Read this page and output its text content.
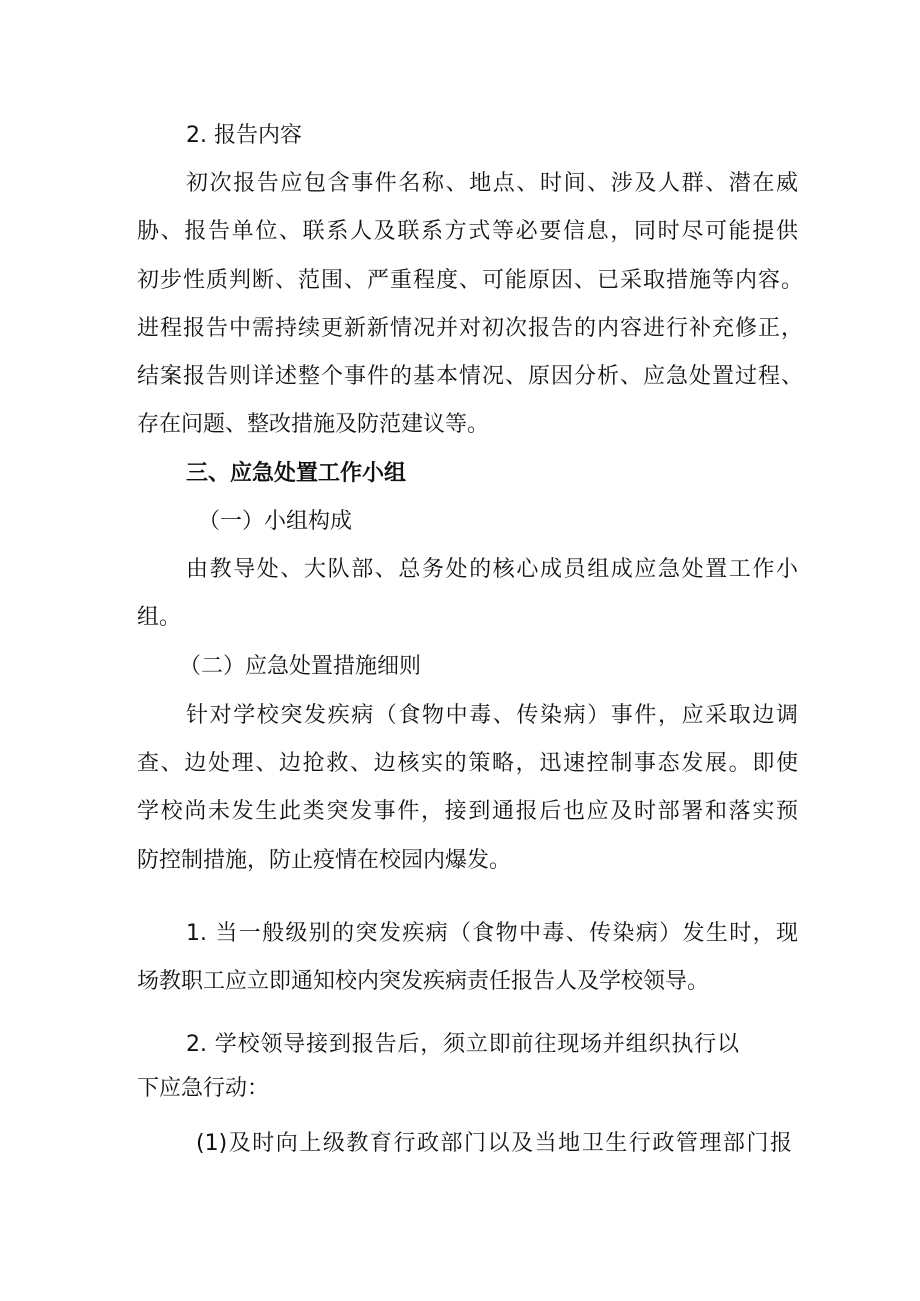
2. 报告内容

初次报告应包含事件名称、地点、时间、涉及人群、潜在威

胁、报告单位、联系人及联系方式等必要信息，同时尽可能提供

初步性质判断、范围、严重程度、可能原因、已采取措施等内容。

进程报告中需持续更新新情况并对初次报告的内容进行补充修正，

结案报告则详述整个事件的基本情况、原因分析、应急处置过程、

存在问题、整改措施及防范建议等。

三、应急处置工作小组

（一）小组构成

由教导处、大队部、总务处的核心成员组成应急处置工作小

组。

（二）应急处置措施细则

针对学校突发疾病（食物中毒、传染病）事件，应采取边调

查、边处理、边抢救、边核实的策略，迅速控制事态发展。即使

学校尚未发生此类突发事件，接到通报后也应及时部署和落实预

防控制措施，防止疫情在校园内爆发。

1. 当一般级别的突发疾病（食物中毒、传染病）发生时，现

场教职工应立即通知校内突发疾病责任报告人及学校领导。

2. 学校领导接到报告后，须立即前往现场并组织执行以

下应急行动：

(1)及时向上级教育行政部门以及当地卫生行政管理部门报
